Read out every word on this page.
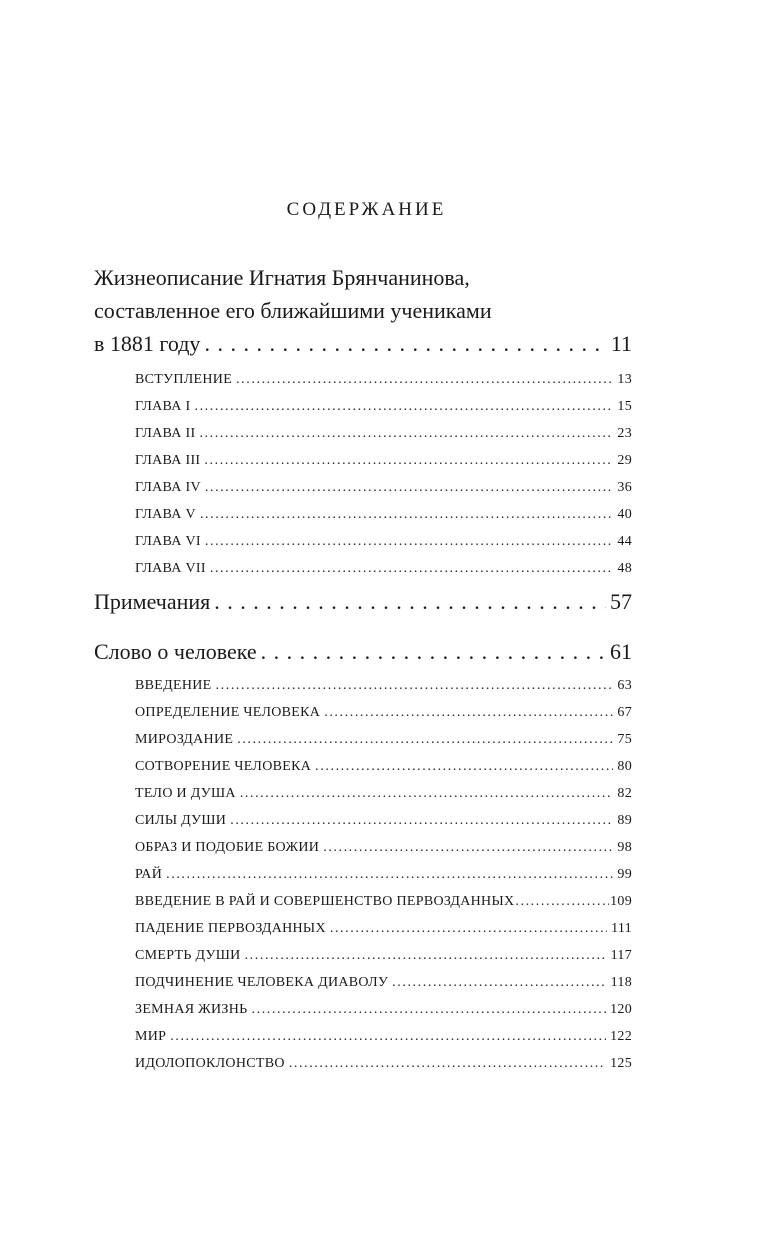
СОДЕРЖАНИЕ
Жизнеописание Игнатия Брянчанинова,
составленное его ближайшими учениками
в 1881 году . . .	11
ВСТУПЛЕНИЕ .....	13
ГЛАВА I .....	15
ГЛАВА II .....	23
ГЛАВА III .....	29
ГЛАВА IV .....	36
ГЛАВА V .....	40
ГЛАВА VI .....	44
ГЛАВА VII .....	48
Примечания . . .	57
Слово о человеке . . .	61
ВВЕДЕНИЕ .....	63
ОПРЕДЕЛЕНИЕ ЧЕЛОВЕКА .....	67
МИРОЗДАНИЕ .....	75
СОТВОРЕНИЕ ЧЕЛОВЕКА .....	80
ТЕЛО И ДУША .....	82
СИЛЫ ДУШИ .....	89
ОБРАЗ И ПОДОБИЕ БОЖИИ .....	98
РАЙ .....	99
ВВЕДЕНИЕ В РАЙ И СОВЕРШЕНСТВО ПЕРВОЗДАННЫХ .....	109
ПАДЕНИЕ ПЕРВОЗДАННЫХ .....	111
СМЕРТЬ ДУШИ .....	117
ПОДЧИНЕНИЕ ЧЕЛОВЕКА ДИАВОЛУ .....	118
ЗЕМНАЯ ЖИЗНЬ .....	120
МИР .....	122
ИДОЛОПОКЛОНСТВО .....	125
